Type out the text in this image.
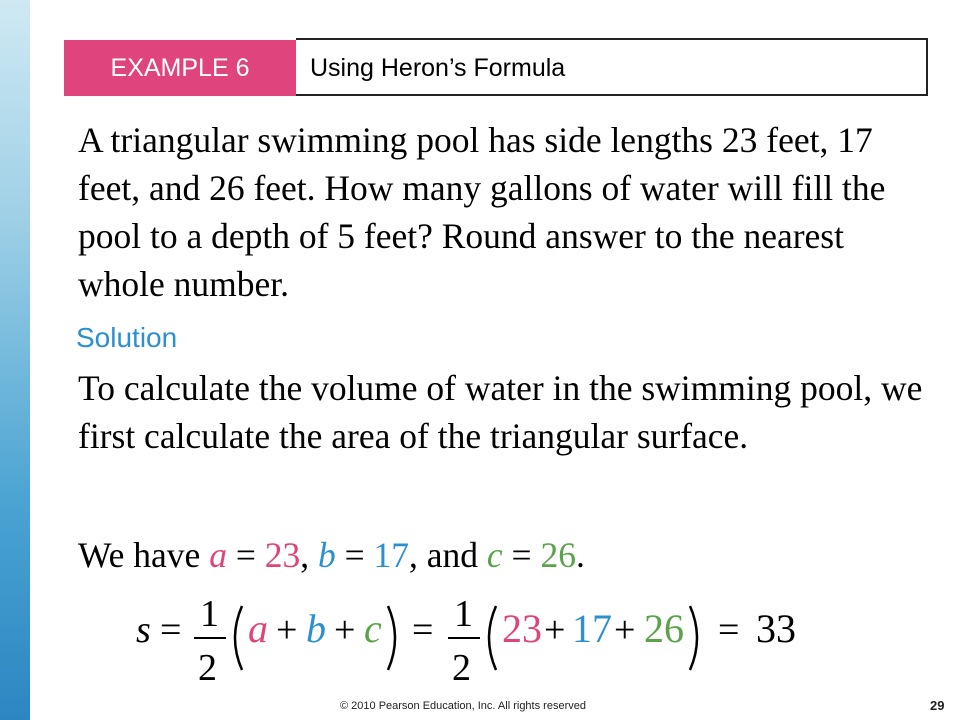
EXAMPLE 6	Using Heron’s Formula
A triangular swimming pool has side lengths 23 feet, 17 feet, and 26 feet. How many gallons of water will fill the pool to a depth of 5 feet? Round answer to the nearest whole number.
Solution
To calculate the volume of water in the swimming pool, we first calculate the area of the triangular surface.
We have a = 23, b = 17, and c = 26.
s = 1
2
a + b + c = 1
2
23 + 17 + 26 = 33
© 2010 Pearson Education, Inc. All rights reserved	29
